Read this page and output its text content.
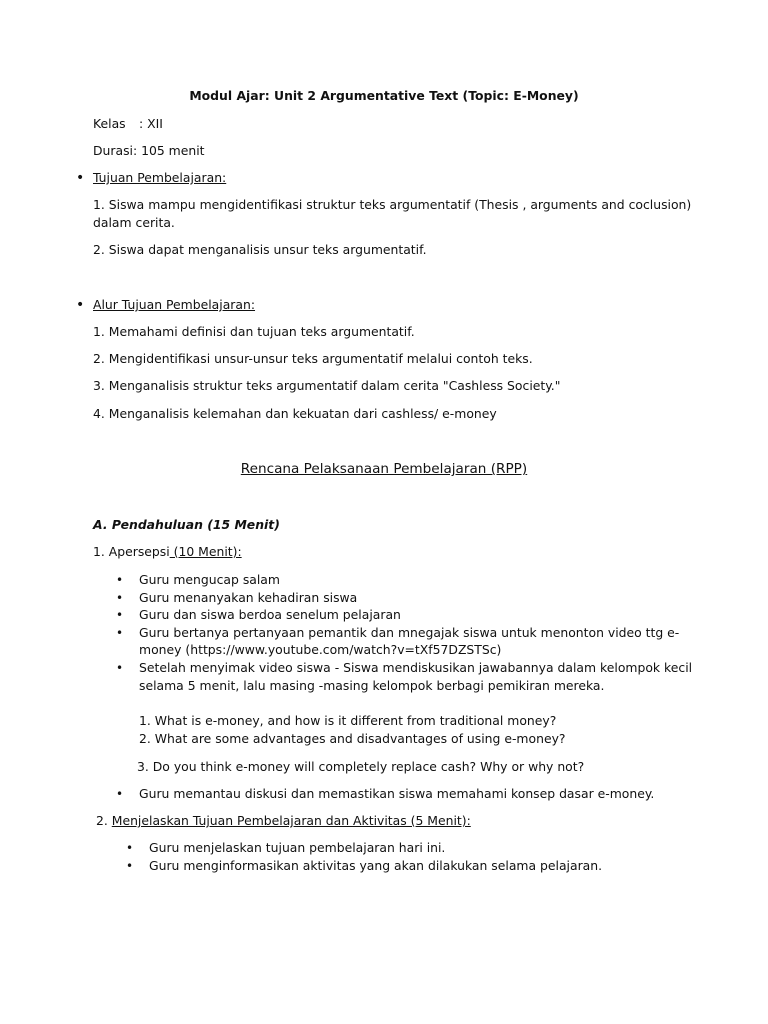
Modul Ajar: Unit 2 Argumentative Text (Topic: E-Money)
Kelas : XII
Durasi: 105 menit
• Tujuan Pembelajaran:
1. Siswa mampu mengidentifikasi struktur teks argumentatif (Thesis , arguments and coclusion)
dalam cerita.
2. Siswa dapat menganalisis unsur teks argumentatif.
• Alur Tujuan Pembelajaran:
1. Memahami definisi dan tujuan teks argumentatif.
2. Mengidentifikasi unsur-unsur teks argumentatif melalui contoh teks.
3. Menganalisis struktur teks argumentatif dalam cerita "Cashless Society."
4. Menganalisis kelemahan dan kekuatan dari cashless/ e-money
Rencana Pelaksanaan Pembelajaran (RPP)
A. Pendahuluan (15 Menit)
1. Apersepsi (10 Menit):
• Guru mengucap salam
• Guru menanyakan kehadiran siswa
• Guru dan siswa berdoa senelum pelajaran
• Guru bertanya pertanyaan pemantik dan mnegajak siswa untuk menonton video ttg e-
money (https://www.youtube.com/watch?v=tXf57DZSTSc)
• Setelah menyimak video siswa - Siswa mendiskusikan jawabannya dalam kelompok kecil
selama 5 menit, lalu masing -masing kelompok berbagi pemikiran mereka.
1. What is e-money, and how is it different from traditional money?
2. What are some advantages and disadvantages of using e-money?
3. Do you think e-money will completely replace cash? Why or why not?
• Guru memantau diskusi dan memastikan siswa memahami konsep dasar e-money.
2. Menjelaskan Tujuan Pembelajaran dan Aktivitas (5 Menit):
• Guru menjelaskan tujuan pembelajaran hari ini.
• Guru menginformasikan aktivitas yang akan dilakukan selama pelajaran.
